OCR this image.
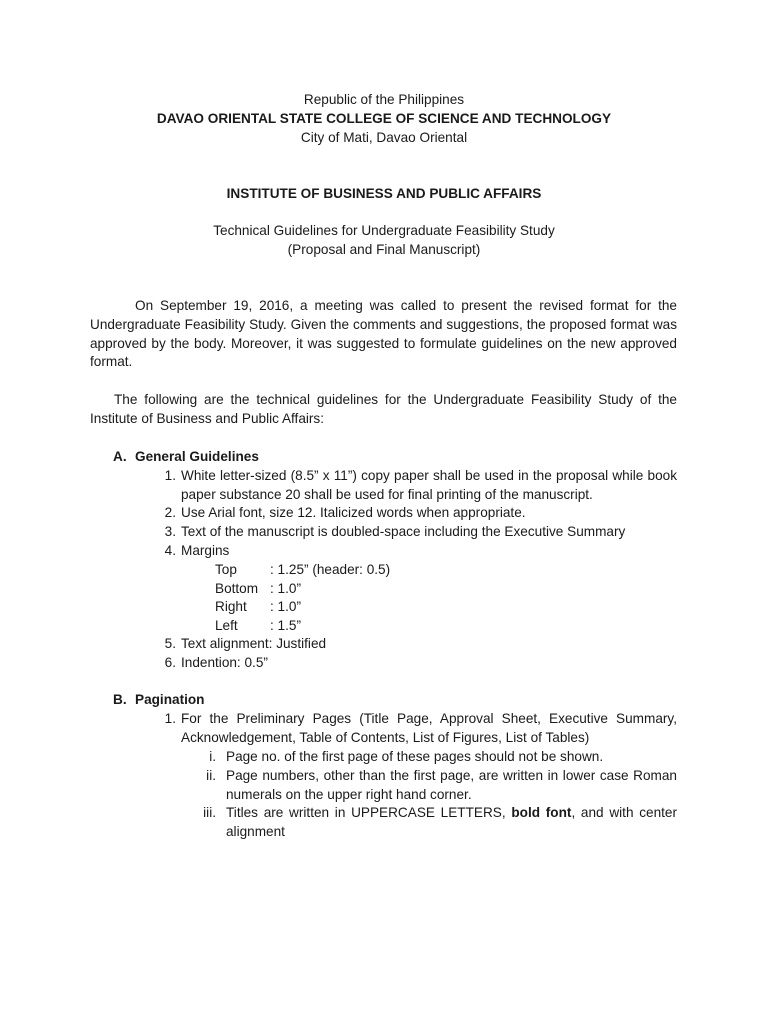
Republic of the Philippines
DAVAO ORIENTAL STATE COLLEGE OF SCIENCE AND TECHNOLOGY
City of Mati, Davao Oriental
INSTITUTE OF BUSINESS AND PUBLIC AFFAIRS
Technical Guidelines for Undergraduate Feasibility Study
(Proposal and Final Manuscript)
On September 19, 2016, a meeting was called to present the revised format for the Undergraduate Feasibility Study. Given the comments and suggestions, the proposed format was approved by the body. Moreover, it was suggested to formulate guidelines on the new approved format.
The following are the technical guidelines for the Undergraduate Feasibility Study of the Institute of Business and Public Affairs:
A. General Guidelines
1. White letter-sized (8.5” x 11”) copy paper shall be used in the proposal while book paper substance 20 shall be used for final printing of the manuscript.
2. Use Arial font, size 12. Italicized words when appropriate.
3. Text of the manuscript is doubled-space including the Executive Summary
4. Margins
Top : 1.25” (header: 0.5)
Bottom : 1.0”
Right : 1.0”
Left : 1.5”
5. Text alignment: Justified
6. Indention: 0.5”
B. Pagination
1. For the Preliminary Pages (Title Page, Approval Sheet, Executive Summary, Acknowledgement, Table of Contents, List of Figures, List of Tables)
i. Page no. of the first page of these pages should not be shown.
ii. Page numbers, other than the first page, are written in lower case Roman numerals on the upper right hand corner.
iii. Titles are written in UPPERCASE LETTERS, bold font, and with center alignment
